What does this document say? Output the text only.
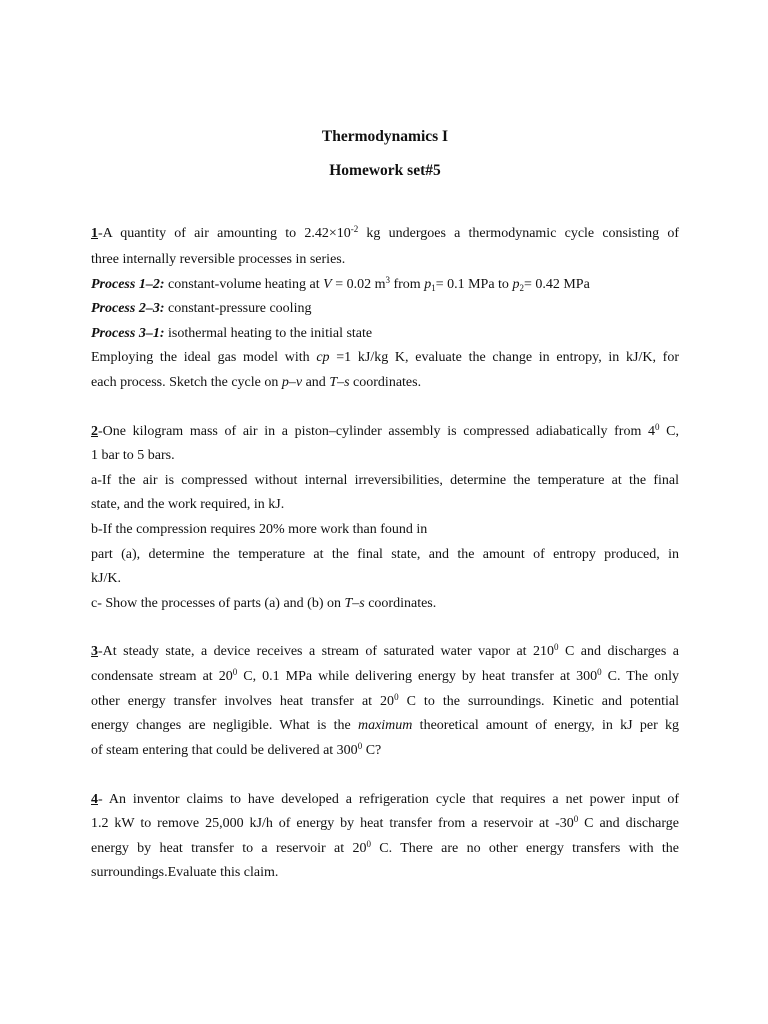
Thermodynamics I
Homework set#5
1-A quantity of air amounting to $2.42\times 10^{-2}$ kg undergoes a thermodynamic cycle consisting of
three internally reversible processes in series.
Process 1–2: constant-volume heating at V = 0.02 $m^3$ from $p_1= 0.1$ MPa to $p_2= 0.42$ MPa
Process 2–3: constant-pressure cooling
Process 3–1: isothermal heating to the initial state
Employing the ideal gas model with cp =1 kJ/kg K, evaluate the change in entropy, in kJ/K, for
each process. Sketch the cycle on p–v and T–s coordinates.
2-One kilogram mass of air in a piston–cylinder assembly is compressed adiabatically from $4^0$ C,
1 bar to 5 bars.
a-If the air is compressed without internal irreversibilities, determine the temperature at the final
state, and the work required, in kJ.
b-If the compression requires 20% more work than found in
part (a), determine the temperature at the final state, and the amount of entropy produced, in
kJ/K.
c- Show the processes of parts (a) and (b) on T–s coordinates.
3-At steady state, a device receives a stream of saturated water vapor at $210^0$ C and discharges a
condensate stream at $20^0$ C, 0.1 MPa while delivering energy by heat transfer at $300^0$ C. The only
other energy transfer involves heat transfer at $20^0$ C to the surroundings. Kinetic and potential
energy changes are negligible. What is the maximum theoretical amount of energy, in kJ per kg
of steam entering that could be delivered at $300^0$ C?
4- An inventor claims to have developed a refrigeration cycle that requires a net power input of
1.2 kW to remove 25,000 kJ/h of energy by heat transfer from a reservoir at $-30^0$ C and discharge
energy by heat transfer to a reservoir at $20^0$ C. There are no other energy transfers with the
surroundings.Evaluate this claim.
